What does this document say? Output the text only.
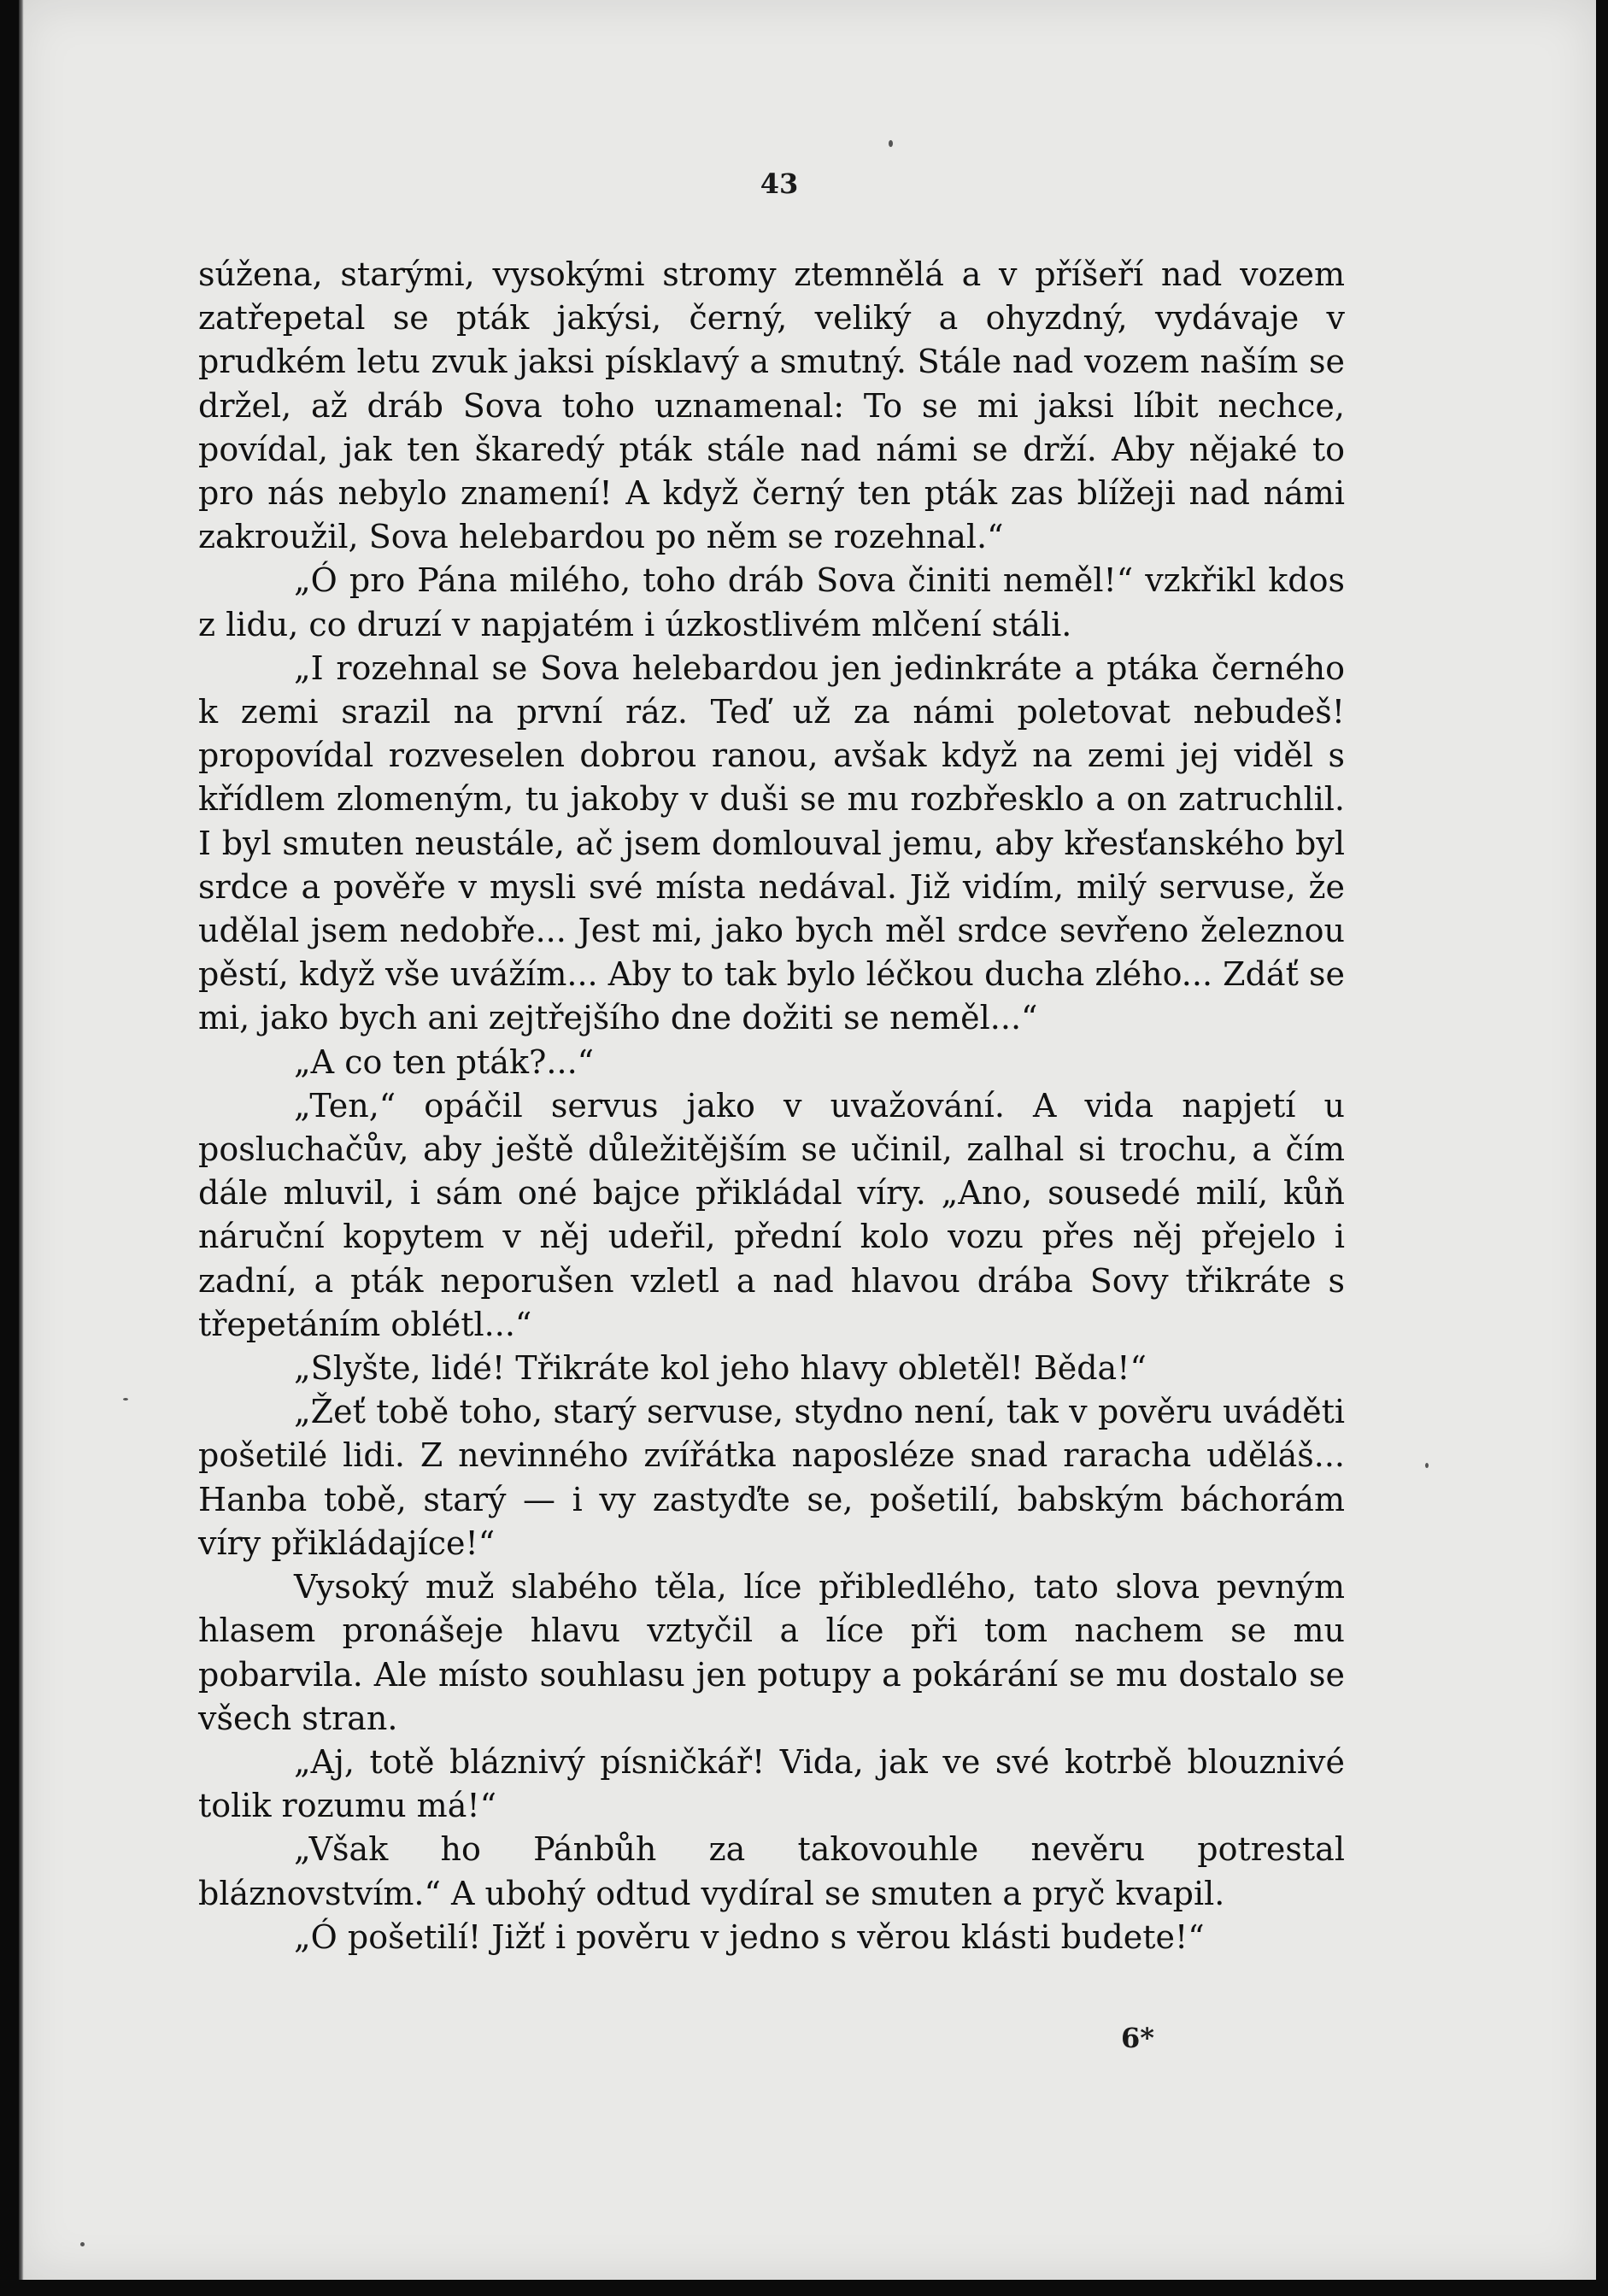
43

súžena, starými, vysokými stromy ztemnělá a v příšeří nad vozem zatřepetal se pták jakýsi, černý, veliký a ohyzdný, vydávaje v prudkém letu zvuk jaksi písklavý a smutný. Stále nad vozem naším se držel, až dráb Sova toho uznamenal: To se mi jaksi líbit nechce, povídal, jak ten škaredý pták stále nad námi se drží. Aby nějaké to pro nás nebylo znamení! A když černý ten pták zas blížeji nad námi zakroužil, Sova helebardou po něm se rozehnal.“

„Ó pro Pána milého, toho dráb Sova činiti neměl!“ vzkřikl kdos z lidu, co druzí v napjatém i úzkostlivém mlčení stáli.

„I rozehnal se Sova helebardou jen jedinkráte a ptáka černého k zemi srazil na první ráz. Teď už za námi poletovat nebudeš! propovídal rozveselen dobrou ranou, avšak když na zemi jej viděl s křídlem zlomeným, tu jakoby v duši se mu rozbřesklo a on zatruchlil. I byl smuten neustále, ač jsem domlouval jemu, aby křesťanského byl srdce a pověře v mysli své místa nedával. Již vidím, milý servuse, že udělal jsem nedobře... Jest mi, jako bych měl srdce sevřeno železnou pěstí, když vše uvážím... Aby to tak bylo léčkou ducha zlého... Zdáť se mi, jako bych ani zejtřejšího dne dožiti se neměl...“

„A co ten pták?...“

„Ten,“ opáčil servus jako v uvažování. A vida napjetí u posluchačův, aby ještě důležitějším se učinil, zalhal si trochu, a čím dále mluvil, i sám oné bajce přikládal víry. „Ano, sousedé milí, kůň náruční kopytem v něj udeřil, přední kolo vozu přes něj přejelo i zadní, a pták neporušen vzletl a nad hlavou drába Sovy třikráte s třepetáním oblétl...“

„Slyšte, lidé! Třikráte kol jeho hlavy obletěl! Běda!“

„Žeť tobě toho, starý servuse, stydno není, tak v pověru uváděti pošetilé lidi. Z nevinného zvířátka naposléze snad raracha uděláš... Hanba tobě, starý — i vy zastyďte se, pošetilí, babským báchorám víry přikládajíce!“

Vysoký muž slabého těla, líce přibledlého, tato slova pevným hlasem pronášeje hlavu vztyčil a líce při tom nachem se mu pobarvila. Ale místo souhlasu jen potupy a pokárání se mu dostalo se všech stran.

„Aj, totě bláznivý písničkář! Vida, jak ve své kotrbě blouznivé tolik rozumu má!“

„Však ho Pánbůh za takovouhle nevěru potrestal bláznovstvím.“ A ubohý odtud vydíral se smuten a pryč kvapil.

„Ó pošetilí! Jižť i pověru v jedno s věrou klásti budete!“

6*
